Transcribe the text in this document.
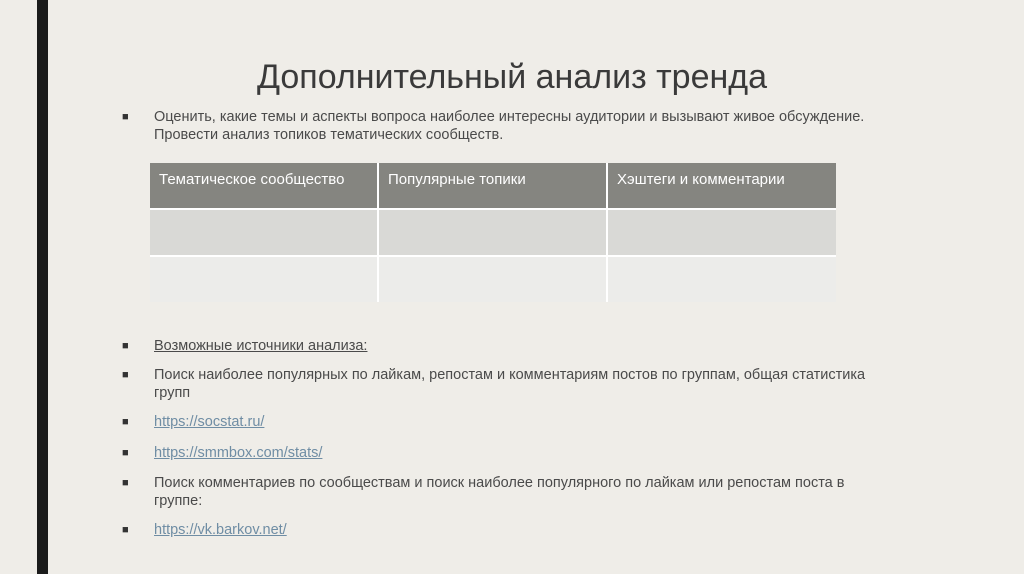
Дополнительный анализ тренда
■ Оценить, какие темы и аспекты вопроса наиболее интересны аудитории и вызывают живое обсуждение. Провести анализ топиков тематических сообществ.
Тематическое сообщество	Популярные топики	Хэштеги и комментарии

■ Возможные источники анализа:
■ Поиск наиболее популярных по лайкам, репостам и комментариям постов по группам, общая статистика групп
■ https://socstat.ru/
■ https://smmbox.com/stats/
■ Поиск комментариев по сообществам и поиск наиболее популярного по лайкам или репостам поста в группе:
■ https://vk.barkov.net/
